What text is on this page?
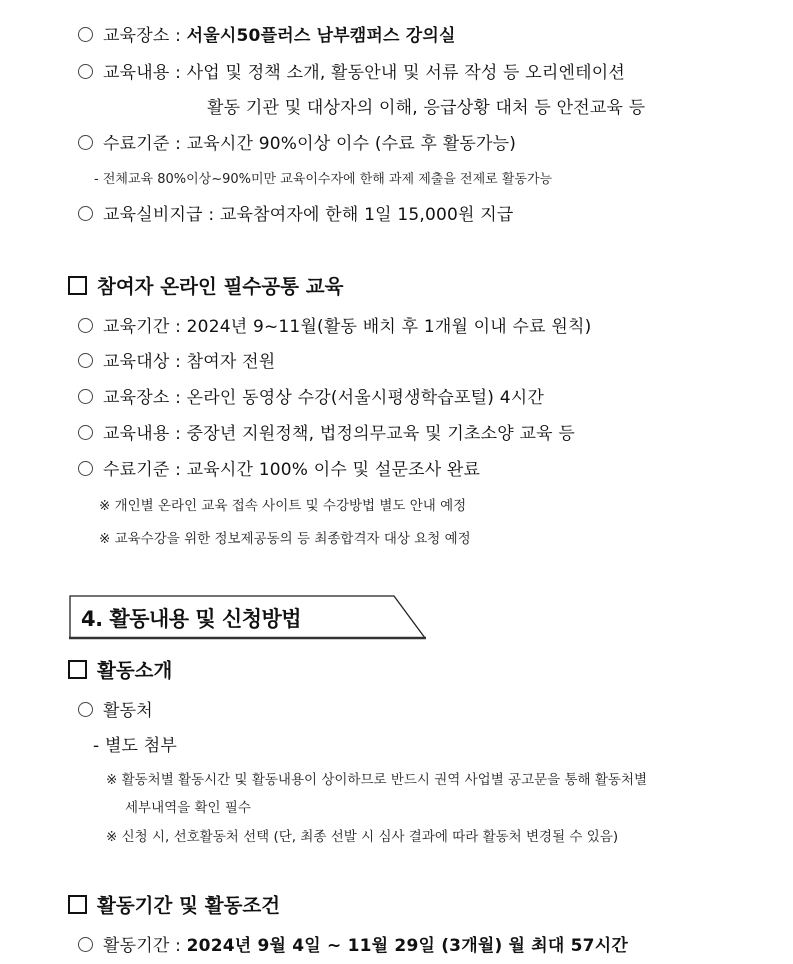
교육장소 : 서울시50플러스 남부캠퍼스 강의실
교육내용 : 사업 및 정책 소개, 활동안내 및 서류 작성 등 오리엔테이션
활동 기관 및 대상자의 이해, 응급상황 대처 등 안전교육 등
수료기준 : 교육시간 90%이상 이수 (수료 후 활동가능)
- 전체교육 80%이상~90%미만 교육이수자에 한해 과제 제출을 전제로 활동가능
교육실비지급 : 교육참여자에 한해 1일 15,000원 지급
참여자 온라인 필수공통 교육
교육기간 : 2024년 9~11월(활동 배치 후 1개월 이내 수료 원칙)
교육대상 : 참여자 전원
교육장소 : 온라인 동영상 수강(서울시평생학습포털) 4시간
교육내용 : 중장년 지원정책, 법정의무교육 및 기초소양 교육 등
수료기준 : 교육시간 100% 이수 및 설문조사 완료
※ 개인별 온라인 교육 접속 사이트 및 수강방법 별도 안내 예정
※ 교육수강을 위한 정보제공동의 등 최종합격자 대상 요청 예정
4. 활동내용 및 신청방법
활동소개
활동처
- 별도 첨부
※ 활동처별 활동시간 및 활동내용이 상이하므로 반드시 권역 사업별 공고문을 통해 활동처별
세부내역을 확인 필수
※ 신청 시, 선호활동처 선택 (단, 최종 선발 시 심사 결과에 따라 활동처 변경될 수 있음)
활동기간 및 활동조건
활동기간 : 2024년 9월 4일 ~ 11월 29일 (3개월) 월 최대 57시간
